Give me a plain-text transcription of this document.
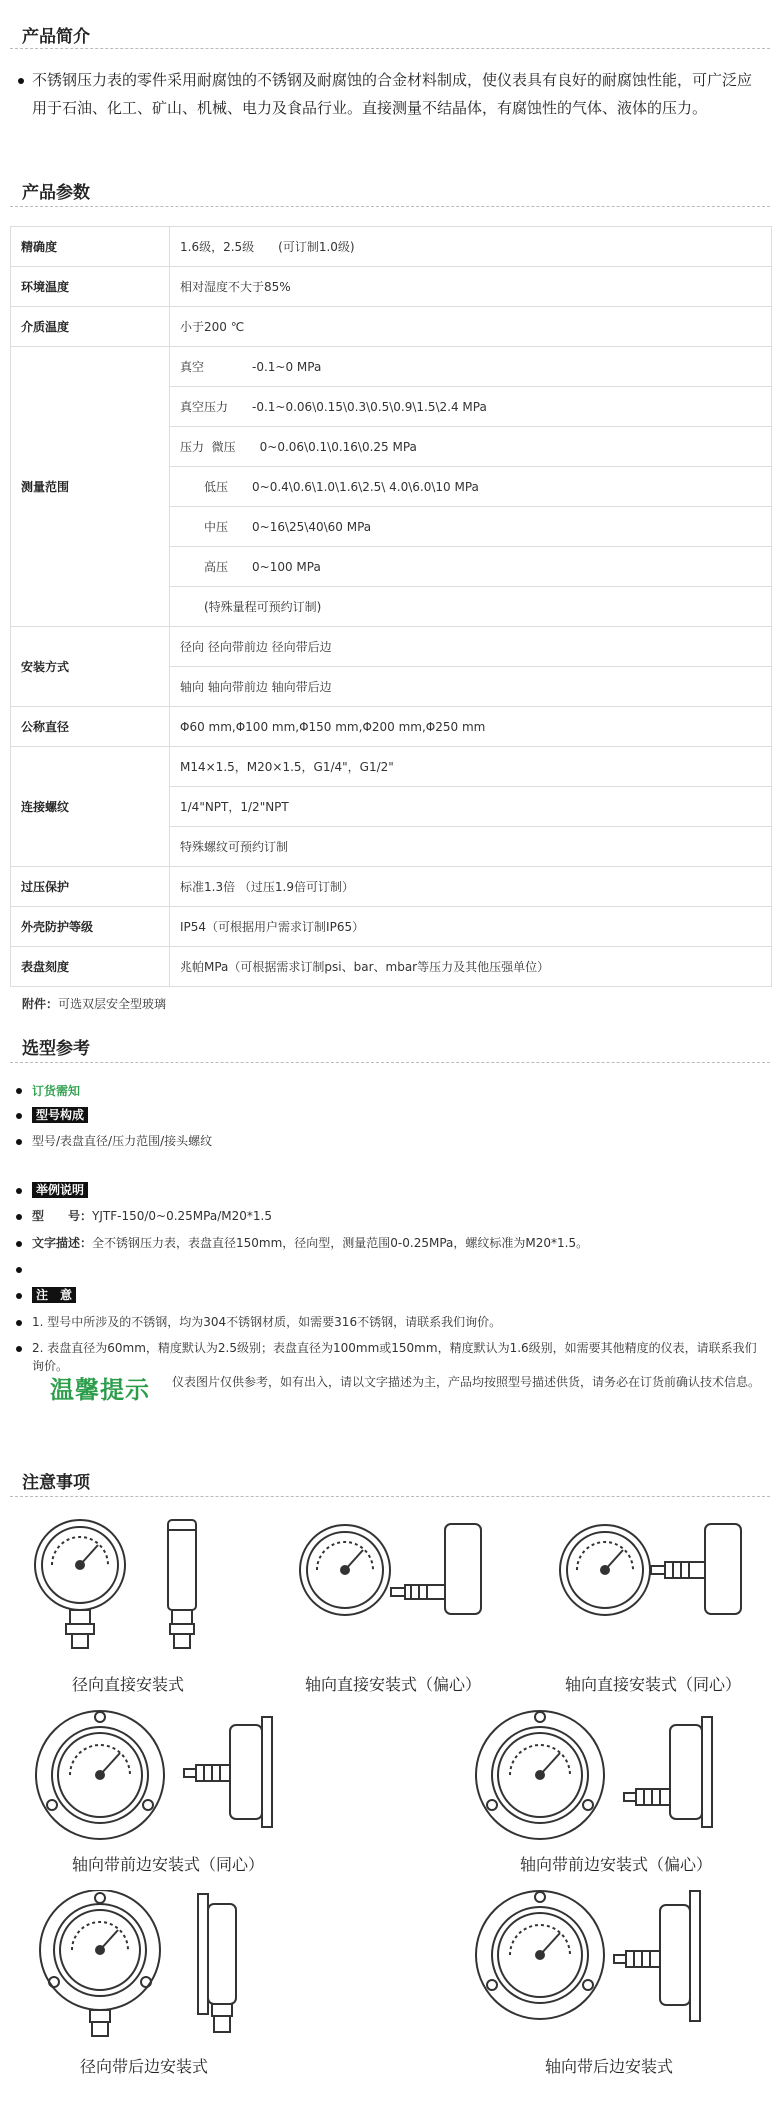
产品简介
不锈钢压力表的零件采用耐腐蚀的不锈钢及耐腐蚀的合金材料制成，使仪表具有良好的耐腐蚀性能，可广泛应用于石油、化工、矿山、机械、电力及食品行业。直接测量不结晶体，有腐蚀性的气体、液体的压力。
产品参数
精确度	1.6级，2.5级　　(可订制1.0级)
环境温度	相对湿度不大于85%
介质温度	小于200 ℃
测量范围	真空　　　　-0.1~0 MPa
	真空压力　　-0.1~0.06\0.15\0.3\0.5\0.9\1.5\2.4 MPa
	压力  微压　　0~0.06\0.1\0.16\0.25 MPa
	　　低压　　0~0.4\0.6\1.0\1.6\2.5\ 4.0\6.0\10 MPa
	　　中压　　0~16\25\40\60 MPa
	　　高压　　0~100 MPa
	　　(特殊量程可预约订制)
安装方式	径向 径向带前边 径向带后边
	轴向 轴向带前边 轴向带后边
公称直径	Φ60 mm,Φ100 mm,Φ150 mm,Φ200 mm,Φ250 mm
连接螺纹	M14×1.5，M20×1.5，G1/4"，G1/2"
	1/4"NPT，1/2"NPT
	特殊螺纹可预约订制
过压保护	标准1.3倍 （过压1.9倍可订制）
外壳防护等级	IP54（可根据用户需求订制IP65）
表盘刻度	兆帕MPa（可根据需求订制psi、bar、mbar等压力及其他压强单位）
附件：可选双层安全型玻璃
选型参考
订货需知
型号构成
型号/表盘直径/压力范围/接头螺纹
举例说明
型　　号：YJTF-150/0~0.25MPa/M20*1.5
文字描述：全不锈钢压力表，表盘直径150mm，径向型，测量范围0-0.25MPa，螺纹标准为M20*1.5。
注　意
1. 型号中所涉及的不锈钢，均为304不锈钢材质，如需要316不锈钢，请联系我们询价。
2. 表盘直径为60mm，精度默认为2.5级别；表盘直径为100mm或150mm，精度默认为1.6级别，如需要其他精度的仪表，请联系我们询价。
温馨提示 仪表图片仅供参考，如有出入，请以文字描述为主，产品均按照型号描述供货，请务必在订货前确认技术信息。
注意事项
径向直接安装式	轴向直接安装式（偏心）	轴向直接安装式（同心）
轴向带前边安装式（同心）	轴向带前边安装式（偏心）
径向带后边安装式	轴向带后边安装式
